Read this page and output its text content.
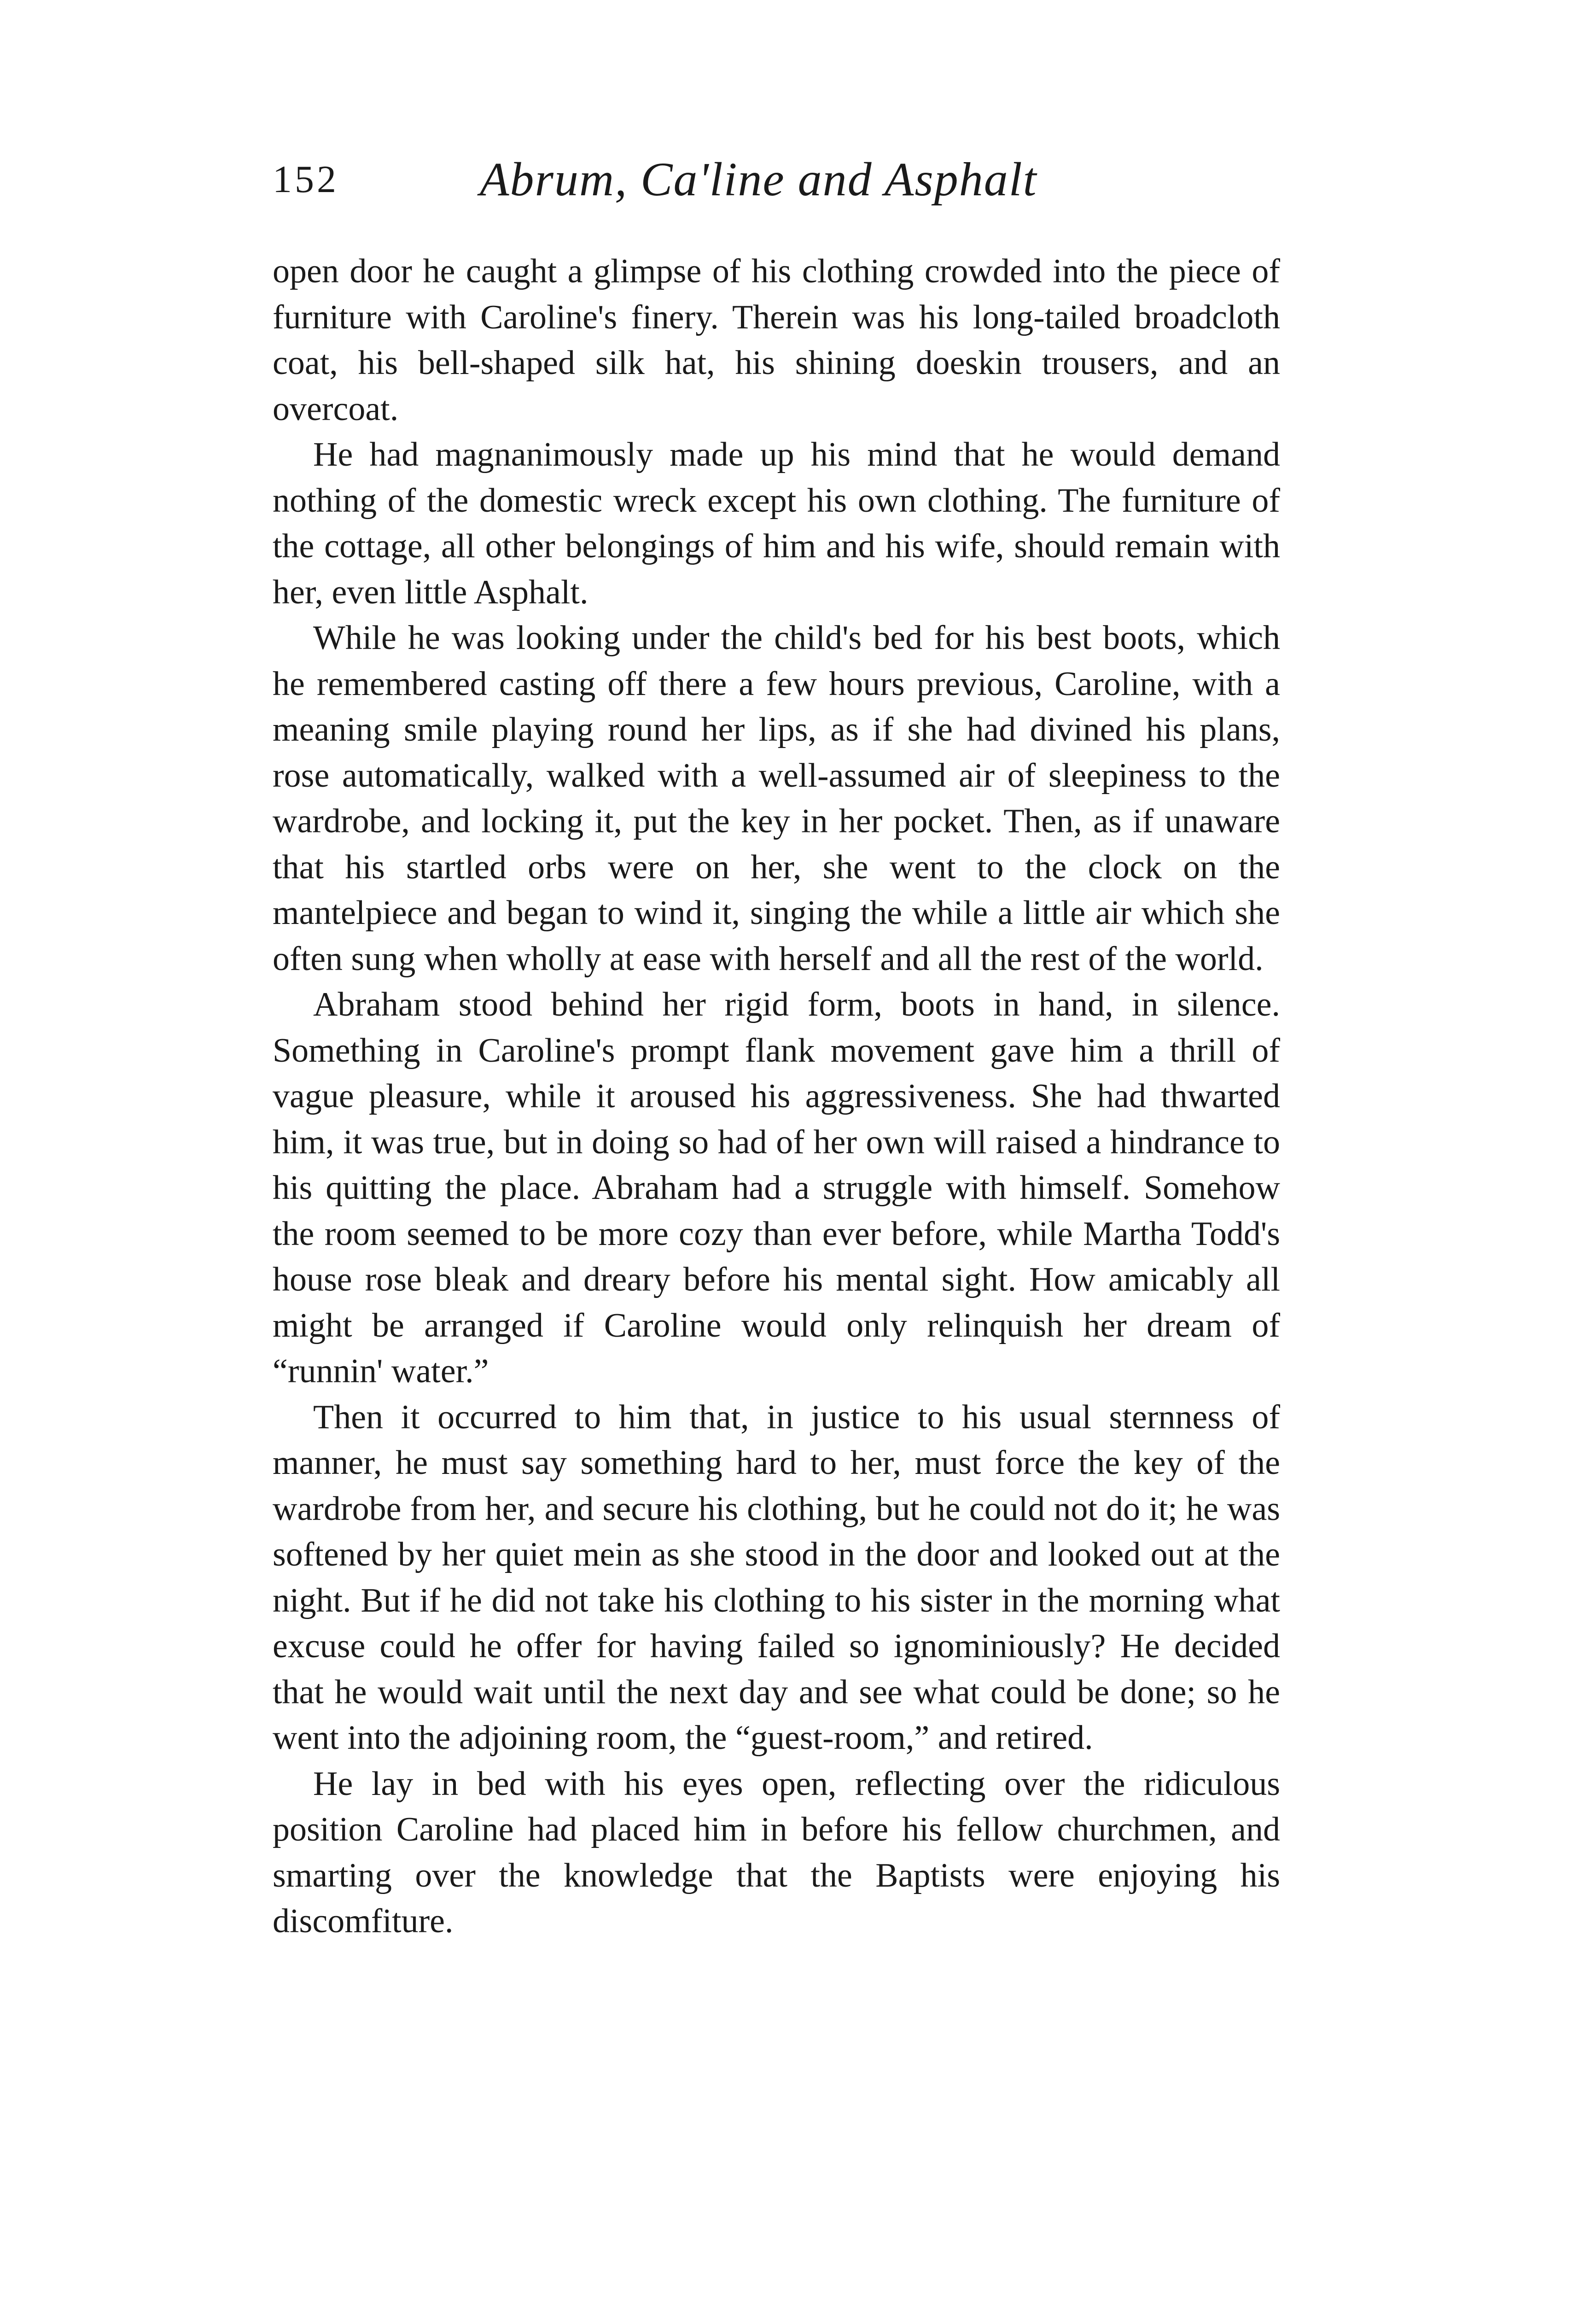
152	Abrum, Ca'line and Asphalt

open door he caught a glimpse of his clothing crowded into the piece of furniture with Caroline's finery. Therein was his long-tailed broadcloth coat, his bell-shaped silk hat, his shining doeskin trousers, and an overcoat.

He had magnanimously made up his mind that he would demand nothing of the domestic wreck except his own clothing. The furniture of the cottage, all other belongings of him and his wife, should remain with her, even little Asphalt.

While he was looking under the child's bed for his best boots, which he remembered casting off there a few hours previous, Caroline, with a meaning smile playing round her lips, as if she had divined his plans, rose automatically, walked with a well-assumed air of sleepiness to the wardrobe, and locking it, put the key in her pocket. Then, as if unaware that his startled orbs were on her, she went to the clock on the mantelpiece and began to wind it, singing the while a little air which she often sung when wholly at ease with herself and all the rest of the world.

Abraham stood behind her rigid form, boots in hand, in silence. Something in Caroline's prompt flank movement gave him a thrill of vague pleasure, while it aroused his aggressiveness. She had thwarted him, it was true, but in doing so had of her own will raised a hindrance to his quitting the place. Abraham had a struggle with himself. Somehow the room seemed to be more cozy than ever before, while Martha Todd's house rose bleak and dreary before his mental sight. How amicably all might be arranged if Caroline would only relinquish her dream of “runnin' water.”

Then it occurred to him that, in justice to his usual sternness of manner, he must say something hard to her, must force the key of the wardrobe from her, and secure his clothing, but he could not do it; he was softened by her quiet mein as she stood in the door and looked out at the night. But if he did not take his clothing to his sister in the morning what excuse could he offer for having failed so ignominiously? He decided that he would wait until the next day and see what could be done; so he went into the adjoining room, the “guest-room,” and retired.

He lay in bed with his eyes open, reflecting over the ridiculous position Caroline had placed him in before his fellow churchmen, and smarting over the knowledge that the Baptists were enjoying his discomfiture.
